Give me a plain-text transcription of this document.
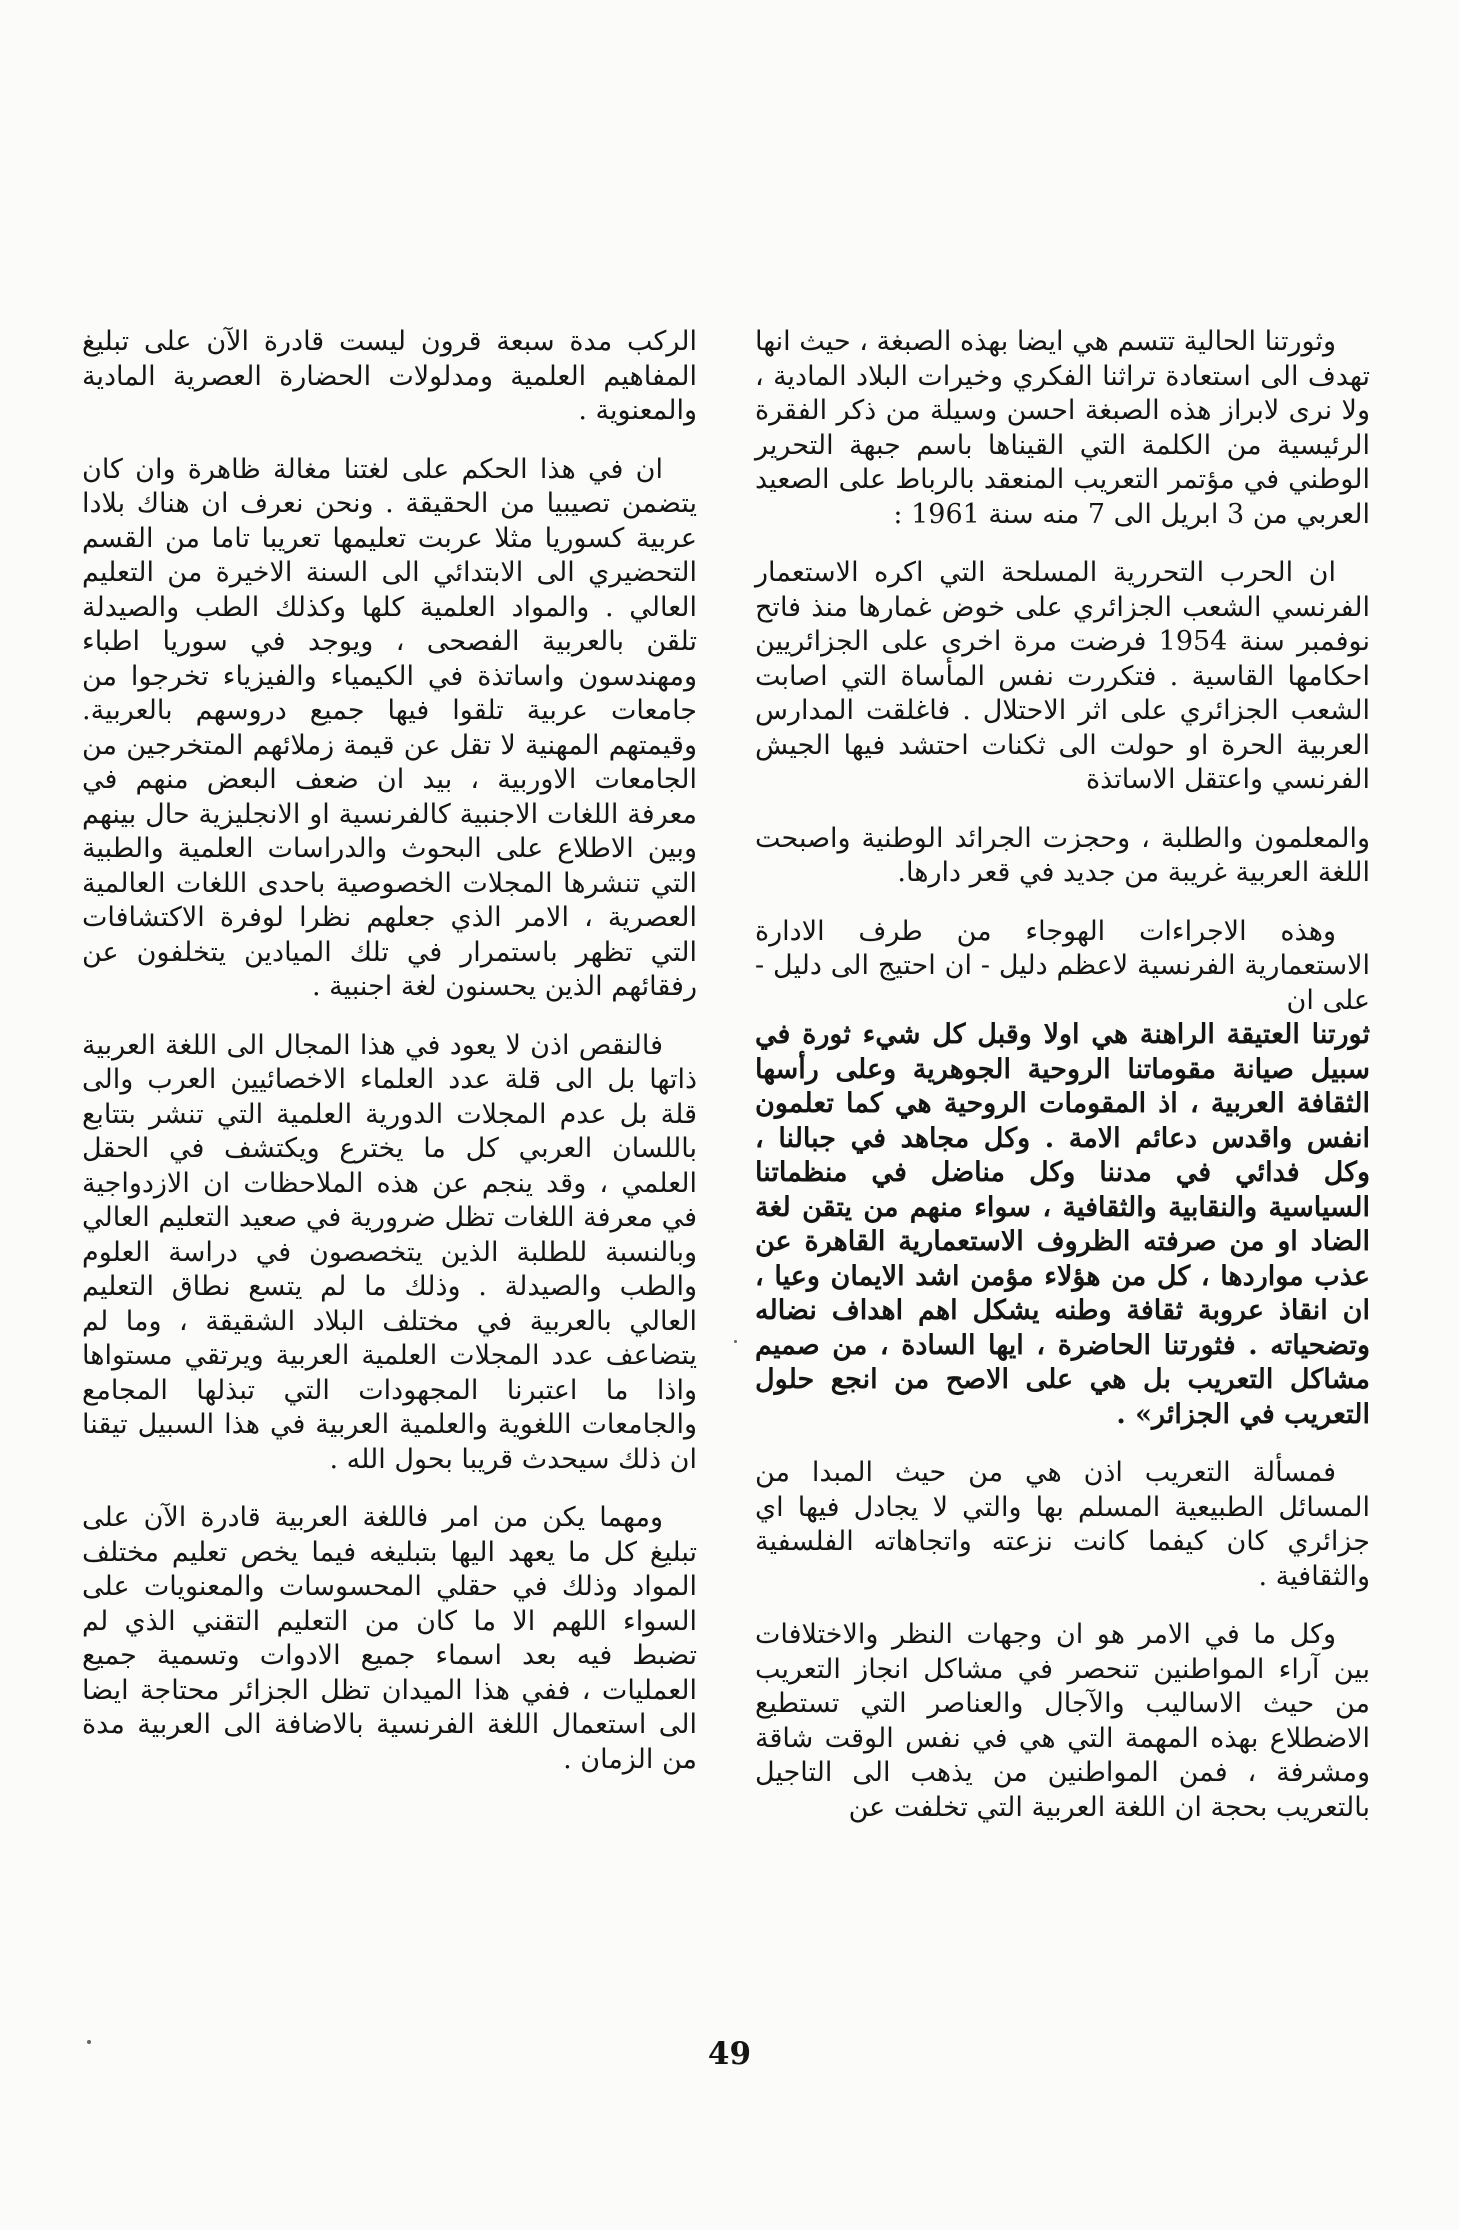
وثورتنا الحالية تتسم هي ايضا بهذه الصبغة ، حيث انها تهدف الى استعادة تراثنا الفكري وخيرات البلاد المادية ، ولا نرى لابراز هذه الصبغة احسن وسيلة من ذكر الفقرة الرئيسية من الكلمة التي القيناها باسم جبهة التحرير الوطني في مؤتمر التعريب المنعقد بالرباط على الصعيد العربي من 3 ابريل الى 7 منه سنة 1961 :

ان الحرب التحررية المسلحة التي اكره الاستعمار الفرنسي الشعب الجزائري على خوض غمارها منذ فاتح نوفمبر سنة 1954 فرضت مرة اخرى على الجزائريين احكامها القاسية . فتكررت نفس المأساة التي اصابت الشعب الجزائري على اثر الاحتلال . فاغلقت المدارس العربية الحرة او حولت الى ثكنات احتشد فيها الجيش الفرنسي واعتقل الاساتذة

والمعلمون والطلبة ، وحجزت الجرائد الوطنية واصبحت اللغة العربية غريبة من جديد في قعر دارها.

وهذه الاجراءات الهوجاء من طرف الادارة الاستعمارية الفرنسية لاعظم دليل - ان احتيج الى دليل - على ان

ثورتنا العتيقة الراهنة هي اولا وقبل كل شيء ثورة في سبيل صيانة مقوماتنا الروحية الجوهرية وعلى رأسها الثقافة العربية ، اذ المقومات الروحية هي كما تعلمون انفس واقدس دعائم الامة . وكل مجاهد في جبالنا ، وكل فدائي في مدننا وكل مناضل في منظماتنا السياسية والنقابية والثقافية ، سواء منهم من يتقن لغة الضاد او من صرفته الظروف الاستعمارية القاهرة عن عذب مواردها ، كل من هؤلاء مؤمن اشد الايمان وعيا ، ان انقاذ عروبة ثقافة وطنه يشكل اهم اهداف نضاله وتضحياته . فثورتنا الحاضرة ، ايها السادة ، من صميم مشاكل التعريب بل هي على الاصح من انجع حلول التعريب في الجزائر» .

فمسألة التعريب اذن هي من حيث المبدا من المسائل الطبيعية المسلم بها والتي لا يجادل فيها اي جزائري كان كيفما كانت نزعته واتجاهاته الفلسفية والثقافية .

وكل ما في الامر هو ان وجهات النظر والاختلافات بين آراء المواطنين تنحصر في مشاكل انجاز التعريب من حيث الاساليب والآجال والعناصر التي تستطيع الاضطلاع بهذه المهمة التي هي في نفس الوقت شاقة ومشرفة ، فمن المواطنين من يذهب الى التاجيل بالتعريب بحجة ان اللغة العربية التي تخلفت عن

الركب مدة سبعة قرون ليست قادرة الآن على تبليغ المفاهيم العلمية ومدلولات الحضارة العصرية المادية والمعنوية .

ان في هذا الحكم على لغتنا مغالة ظاهرة وان كان يتضمن تصيبيا من الحقيقة . ونحن نعرف ان هناك بلادا عربية كسوريا مثلا عربت تعليمها تعريبا تاما من القسم التحضيري الى الابتدائي الى السنة الاخيرة من التعليم العالي . والمواد العلمية كلها وكذلك الطب والصيدلة تلقن بالعربية الفصحى ، ويوجد في سوريا اطباء ومهندسون واساتذة في الكيمياء والفيزياء تخرجوا من جامعات عربية تلقوا فيها جميع دروسهم بالعربية. وقيمتهم المهنية لا تقل عن قيمة زملائهم المتخرجين من الجامعات الاوربية ، بيد ان ضعف البعض منهم في معرفة اللغات الاجنبية كالفرنسية او الانجليزية حال بينهم وبين الاطلاع على البحوث والدراسات العلمية والطبية التي تنشرها المجلات الخصوصية باحدى اللغات العالمية العصرية ، الامر الذي جعلهم نظرا لوفرة الاكتشافات التي تظهر باستمرار في تلك الميادين يتخلفون عن رفقائهم الذين يحسنون لغة اجنبية .

فالنقص اذن لا يعود في هذا المجال الى اللغة العربية ذاتها بل الى قلة عدد العلماء الاخصائيين العرب والى قلة بل عدم المجلات الدورية العلمية التي تنشر بتتابع باللسان العربي كل ما يخترع ويكتشف في الحقل العلمي ، وقد ينجم عن هذه الملاحظات ان الازدواجية في معرفة اللغات تظل ضرورية في صعيد التعليم العالي وبالنسبة للطلبة الذين يتخصصون في دراسة العلوم والطب والصيدلة . وذلك ما لم يتسع نطاق التعليم العالي بالعربية في مختلف البلاد الشقيقة ، وما لم يتضاعف عدد المجلات العلمية العربية ويرتقي مستواها واذا ما اعتبرنا المجهودات التي تبذلها المجامع والجامعات اللغوية والعلمية العربية في هذا السبيل تيقنا ان ذلك سيحدث قريبا بحول الله .

ومهما يكن من امر فاللغة العربية قادرة الآن على تبليغ كل ما يعهد اليها بتبليغه فيما يخص تعليم مختلف المواد وذلك في حقلي المحسوسات والمعنويات على السواء اللهم الا ما كان من التعليم التقني الذي لم تضبط فيه بعد اسماء جميع الادوات وتسمية جميع العمليات ، ففي هذا الميدان تظل الجزائر محتاجة ايضا الى استعمال اللغة الفرنسية بالاضافة الى العربية مدة من الزمان .

49
